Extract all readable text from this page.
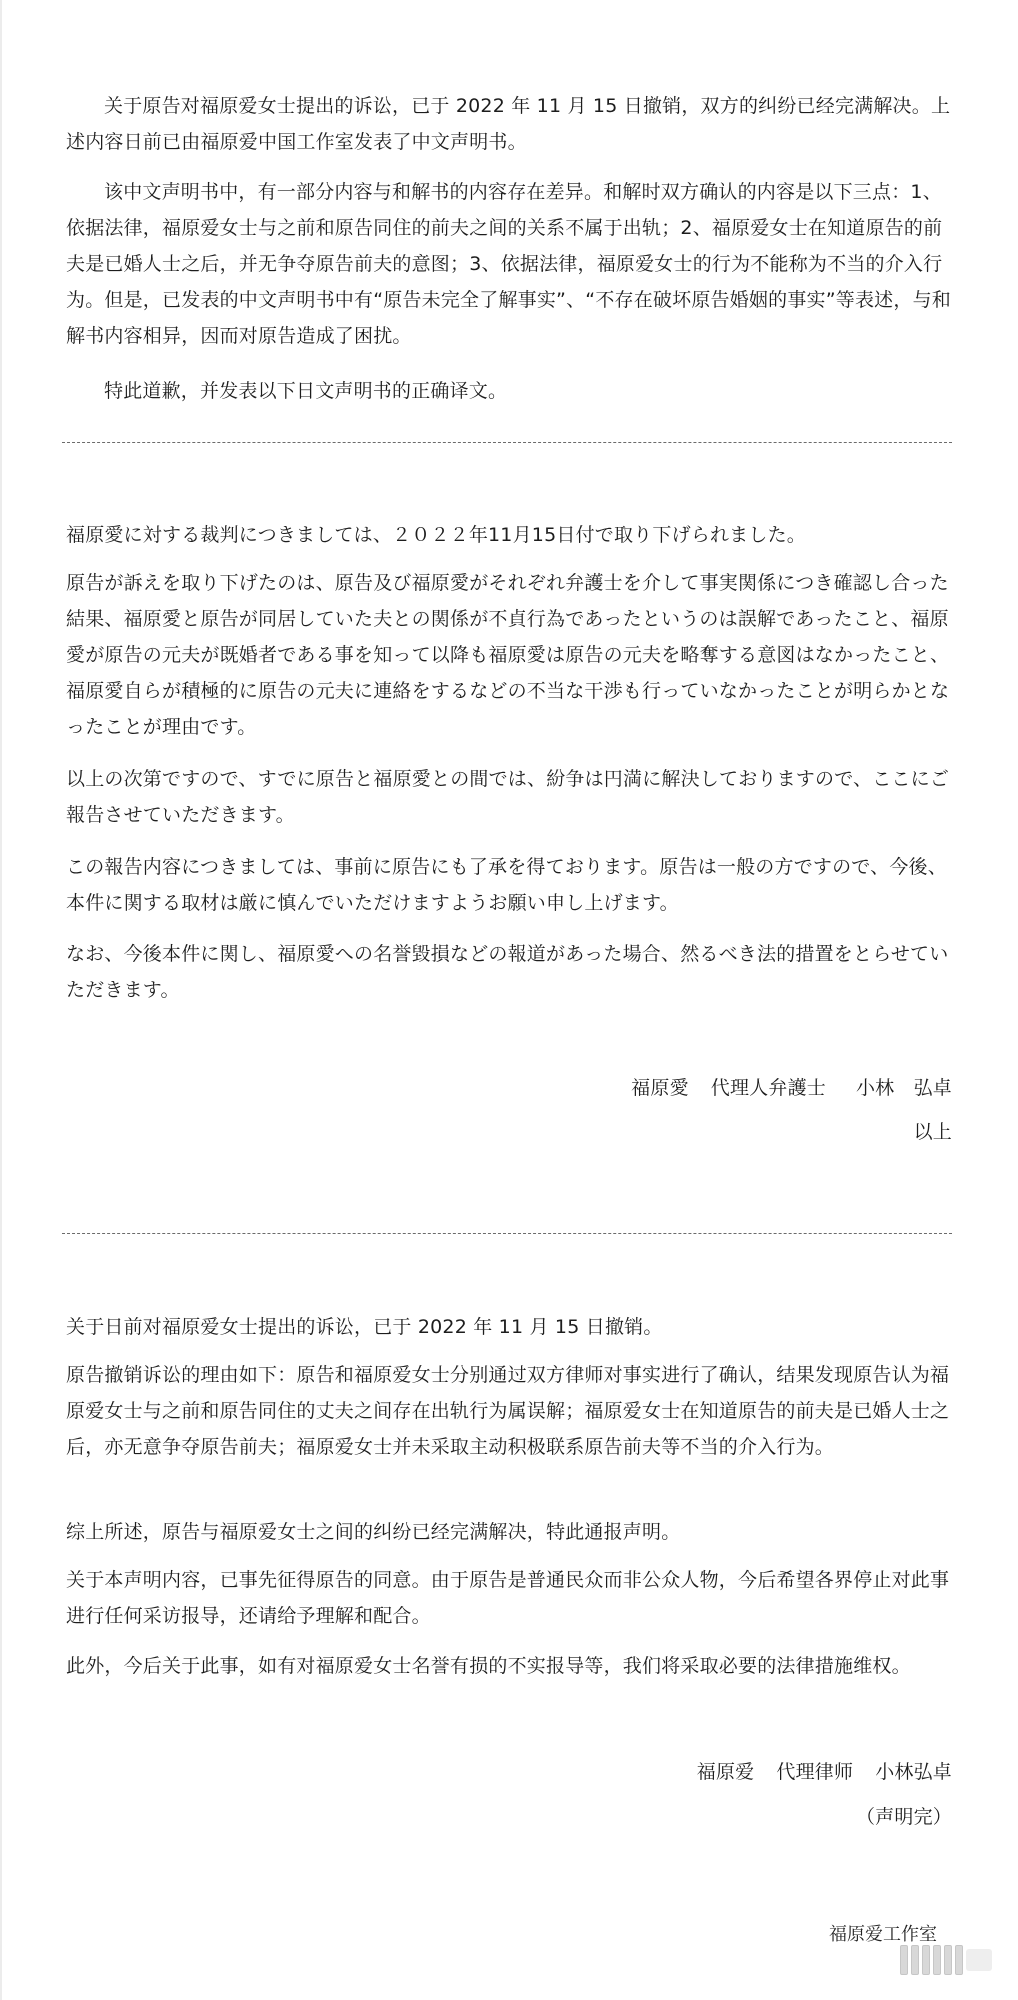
关于原告对福原爱女士提出的诉讼，已于 2022 年 11 月 15 日撤销，双方的纠纷已经完满解决。上述内容日前已由福原爱中国工作室发表了中文声明书。

该中文声明书中，有一部分内容与和解书的内容存在差异。和解时双方确认的内容是以下三点：1、依据法律，福原爱女士与之前和原告同住的前夫之间的关系不属于出轨；2、福原爱女士在知道原告的前夫是已婚人士之后，并无争夺原告前夫的意图；3、依据法律，福原爱女士的行为不能称为不当的介入行为。但是，已发表的中文声明书中有“原告未完全了解事实”、“不存在破坏原告婚姻的事实”等表述，与和解书内容相异，因而对原告造成了困扰。

特此道歉，并发表以下日文声明书的正确译文。

福原愛に対する裁判につきましては、２０２２年11月15日付で取り下げられました。

原告が訴えを取り下げたのは、原告及び福原愛がそれぞれ弁護士を介して事実関係につき確認し合った結果、福原愛と原告が同居していた夫との関係が不貞行為であったというのは誤解であったこと、福原愛が原告の元夫が既婚者である事を知って以降も福原愛は原告の元夫を略奪する意図はなかったこと、福原愛自らが積極的に原告の元夫に連絡をするなどの不当な干渉も行っていなかったことが明らかとなったことが理由です。

以上の次第ですので、すでに原告と福原愛との間では、紛争は円満に解決しておりますので、ここにご報告させていただきます。

この報告内容につきましては、事前に原告にも了承を得ております。原告は一般の方ですので、今後、本件に関する取材は厳に慎んでいただけますようお願い申し上げます。

なお、今後本件に関し、福原愛への名誉毀損などの報道があった場合、然るべき法的措置をとらせていただきます。

福原愛 代理人弁護士 小林　弘卓
以上

关于日前对福原爱女士提出的诉讼，已于 2022 年 11 月 15 日撤销。

原告撤销诉讼的理由如下：原告和福原爱女士分别通过双方律师对事实进行了确认，结果发现原告认为福原爱女士与之前和原告同住的丈夫之间存在出轨行为属误解；福原爱女士在知道原告的前夫是已婚人士之后，亦无意争夺原告前夫；福原爱女士并未采取主动积极联系原告前夫等不当的介入行为。

综上所述，原告与福原爱女士之间的纠纷已经完满解决，特此通报声明。

关于本声明内容，已事先征得原告的同意。由于原告是普通民众而非公众人物，今后希望各界停止对此事进行任何采访报导，还请给予理解和配合。

此外，今后关于此事，如有对福原爱女士名誉有损的不实报导等，我们将采取必要的法律措施维权。

福原爱 代理律师 小林弘卓
（声明完）
福原爱工作室
